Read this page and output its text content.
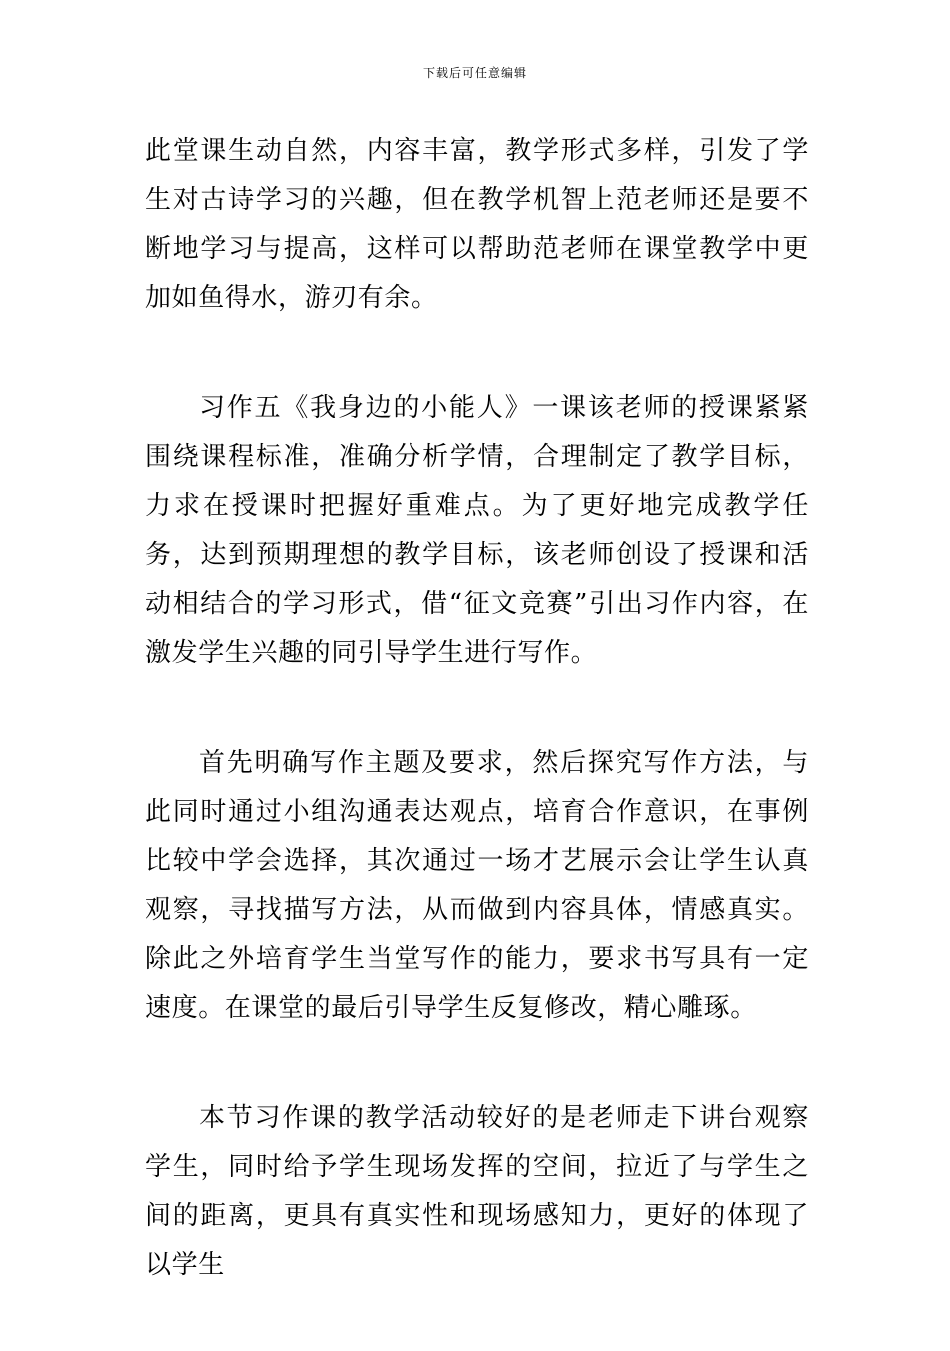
下载后可任意编辑

此堂课生动自然，内容丰富，教学形式多样，引发了学生对古诗学习的兴趣，但在教学机智上范老师还是要不断地学习与提高，这样可以帮助范老师在课堂教学中更加如鱼得水，游刃有余。

习作五《我身边的小能人》一课该老师的授课紧紧围绕课程标准，准确分析学情，合理制定了教学目标，力求在授课时把握好重难点。为了更好地完成教学任务，达到预期理想的教学目标，该老师创设了授课和活动相结合的学习形式，借“征文竞赛”引出习作内容，在激发学生兴趣的同引导学生进行写作。

首先明确写作主题及要求，然后探究写作方法，与此同时通过小组沟通表达观点，培育合作意识，在事例比较中学会选择，其次通过一场才艺展示会让学生认真观察，寻找描写方法，从而做到内容具体，情感真实。除此之外培育学生当堂写作的能力，要求书写具有一定速度。在课堂的最后引导学生反复修改，精心雕琢。

本节习作课的教学活动较好的是老师走下讲台观察学生，同时给予学生现场发挥的空间，拉近了与学生之间的距离，更具有真实性和现场感知力，更好的体现了以学生
